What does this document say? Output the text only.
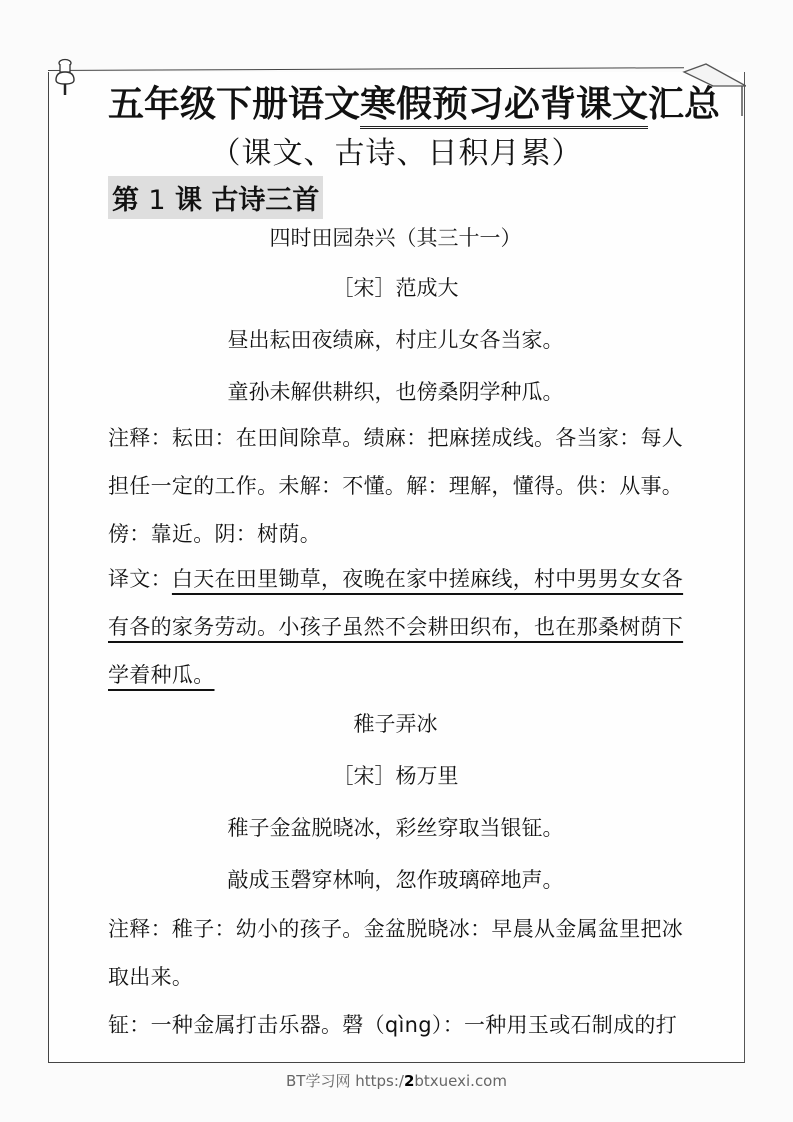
五年级下册语文寒假预习必背课文汇总
（课文、古诗、日积月累）
第 1 课 古诗三首
四时田园杂兴（其三十一）
［宋］范成大
昼出耘田夜绩麻，村庄儿女各当家。
童孙未解供耕织，也傍桑阴学种瓜。
注释：耘田：在田间除草。绩麻：把麻搓成线。各当家：每人
担任一定的工作。未解：不懂。解：理解，懂得。供：从事。
傍：靠近。阴：树荫。
译文：白天在田里锄草，夜晚在家中搓麻线，村中男男女女各
有各的家务劳动。小孩子虽然不会耕田织布，也在那桑树荫下
学着种瓜。
稚子弄冰
［宋］杨万里
稚子金盆脱晓冰，彩丝穿取当银钲。
敲成玉磬穿林响，忽作玻璃碎地声。
注释：稚子：幼小的孩子。金盆脱晓冰：早晨从金属盆里把冰
取出来。
钲：一种金属打击乐器。磬（qìng）：一种用玉或石制成的打
BT学习网 https:/2btxuexi.com
